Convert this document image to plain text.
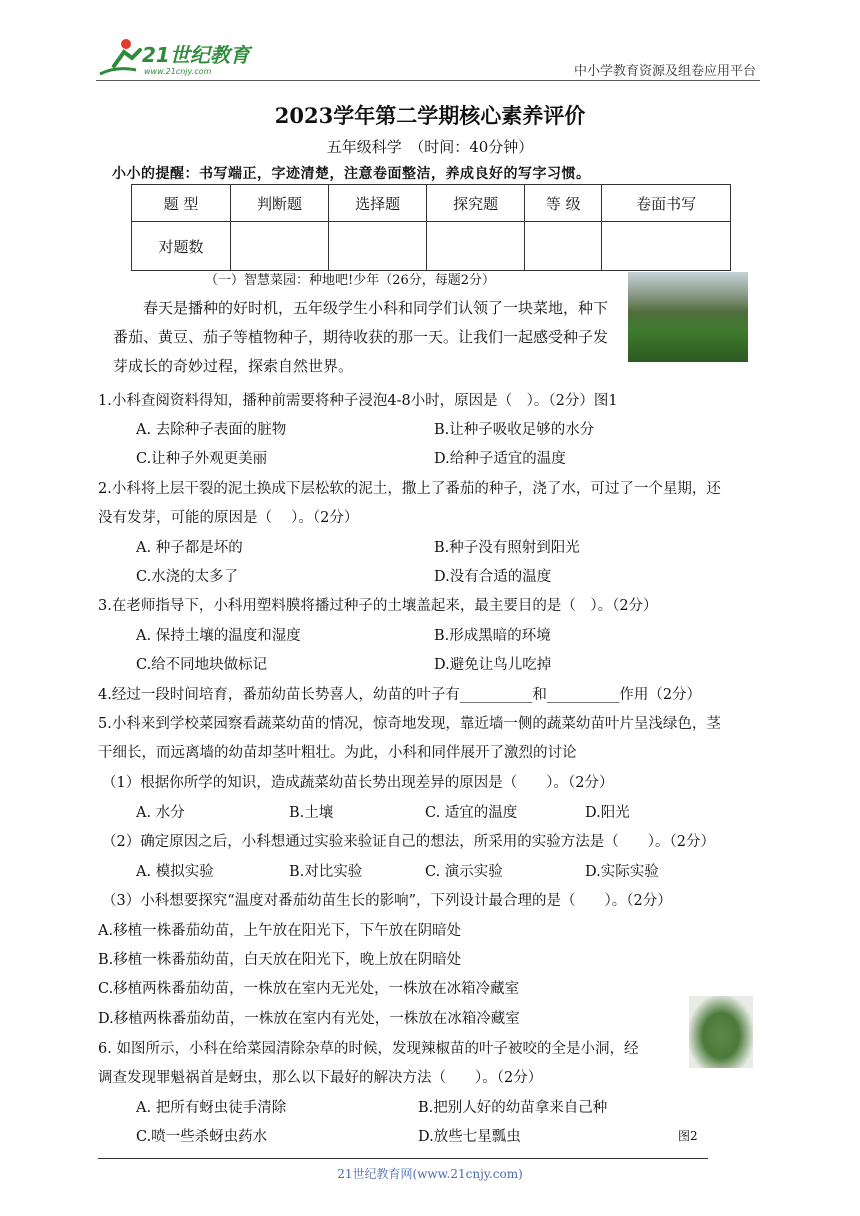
21世纪教育
www.21cnjy.com	中小学教育资源及组卷应用平台
2023学年第二学期核心素养评价
五年级科学　（时间：40分钟）
小小的提醒：书写端正，字迹清楚，注意卷面整洁，养成良好的写字习惯。
题 型	判断题	选择题	探究题	等 级	卷面书写
对题数					
（一）智慧菜园：种地吧!少年（26分，每题2分）
春天是播种的好时机，五年级学生小科和同学们认领了一块菜地，种下番茄、黄豆、茄子等植物种子，期待收获的那一天。让我们一起感受种子发芽成长的奇妙过程，探索自然世界。
1.小科查阅资料得知，播种前需要将种子浸泡4-8小时，原因是（　）。（2分）图1
A. 去除种子表面的脏物	B.让种子吸收足够的水分
C.让种子外观更美丽	D.给种子适宜的温度
2.小科将上层干裂的泥土换成下层松软的泥土，撒上了番茄的种子，浇了水，可过了一个星期，还
没有发芽，可能的原因是（　 ）。（2分）
A. 种子都是坏的	B.种子没有照射到阳光
C.水浇的太多了	D.没有合适的温度
3.在老师指导下，小科用塑料膜将播过种子的土壤盖起来，最主要目的是（　）。（2分）
A. 保持土壤的温度和湿度	B.形成黑暗的环境
C.给不同地块做标记	D.避免让鸟儿吃掉
4.经过一段时间培育，番茄幼苗长势喜人，幼苗的叶子有__________和__________作用（2分）
5.小科来到学校菜园察看蔬菜幼苗的情况，惊奇地发现，靠近墙一侧的蔬菜幼苗叶片呈浅绿色，茎
干细长，而远离墙的幼苗却茎叶粗壮。为此，小科和同伴展开了激烈的讨论
（1）根据你所学的知识，造成蔬菜幼苗长势出现差异的原因是（　　）。（2分）
A. 水分	B.土壤	C. 适宜的温度	D.阳光
（2）确定原因之后，小科想通过实验来验证自己的想法，所采用的实验方法是（　　）。（2分）
A. 模拟实验	B.对比实验	C. 演示实验	D.实际实验
（3）小科想要探究“温度对番茄幼苗生长的影响”，下列设计最合理的是（　　）。（2分）
A.移植一株番茄幼苗，上午放在阳光下，下午放在阴暗处
B.移植一株番茄幼苗，白天放在阳光下，晚上放在阴暗处
C.移植两株番茄幼苗，一株放在室内无光处，一株放在冰箱冷藏室
D.移植两株番茄幼苗，一株放在室内有光处，一株放在冰箱冷藏室
6. 如图所示，小科在给菜园清除杂草的时候，发现辣椒苗的叶子被咬的全是小洞，经
调查发现罪魁祸首是蚜虫，那么以下最好的解决方法（　　）。（2分）
A. 把所有蚜虫徒手清除	B.把别人好的幼苗拿来自己种
C.喷一些杀蚜虫药水	D.放些七星瓢虫	图2
21世纪教育网(www.21cnjy.com)
